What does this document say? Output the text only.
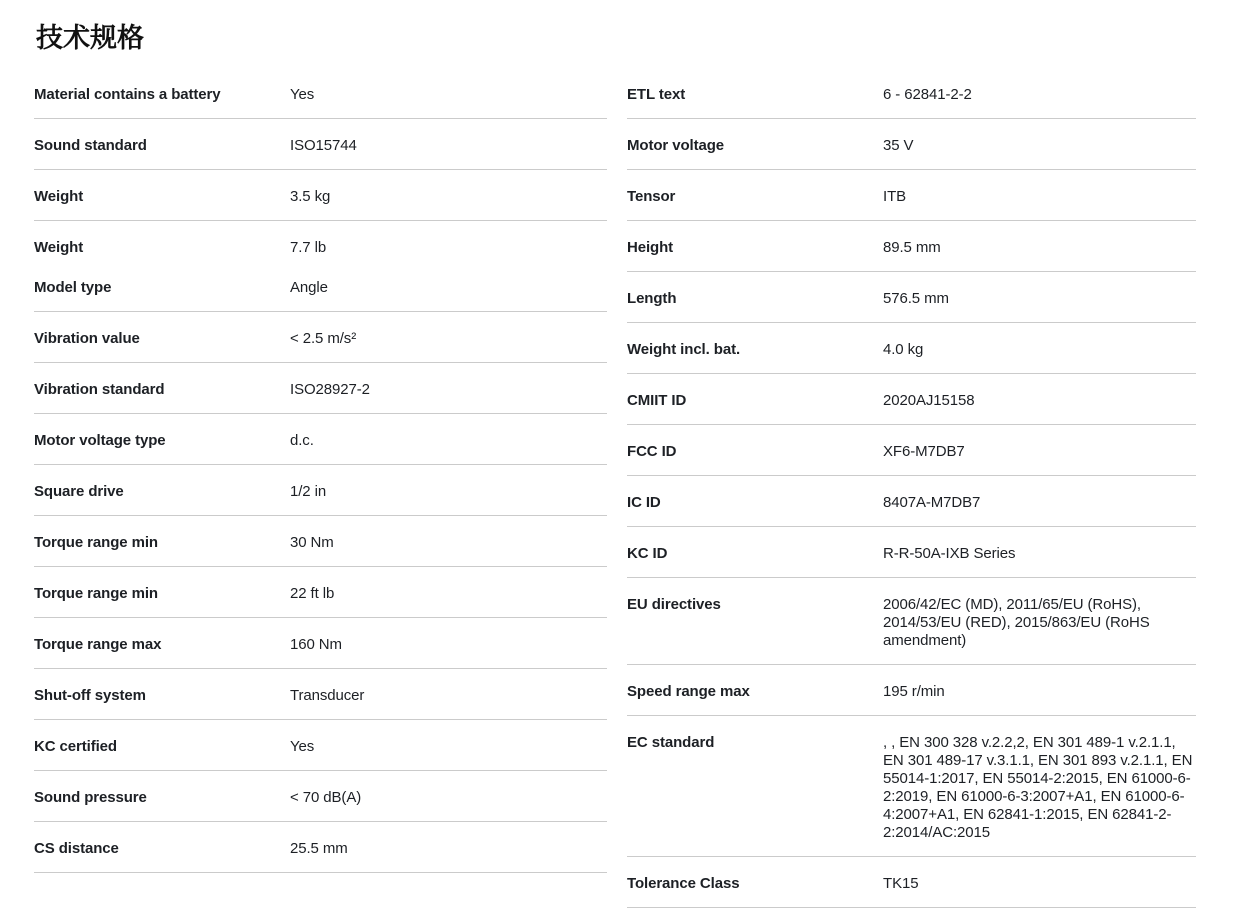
技术规格
Material contains a battery	Yes
Sound standard	ISO15744
Weight	3.5 kg
Weight	7.7 lb
Model type	Angle
Vibration value	< 2.5 m/s²
Vibration standard	ISO28927-2
Motor voltage type	d.c.
Square drive	1/2 in
Torque range min	30 Nm
Torque range min	22 ft lb
Torque range max	160 Nm
Shut-off system	Transducer
KC certified	Yes
Sound pressure	< 70 dB(A)
CS distance	25.5 mm
ETL text	6 - 62841-2-2
Motor voltage	35 V
Tensor	ITB
Height	89.5 mm
Length	576.5 mm
Weight incl. bat.	4.0 kg
CMIIT ID	2020AJ15158
FCC ID	XF6-M7DB7
IC ID	8407A-M7DB7
KC ID	R-R-50A-IXB Series
EU directives	2006/42/EC (MD), 2011/65/EU (RoHS), 2014/53/EU (RED), 2015/863/EU (RoHS amendment)
Speed range max	195 r/min
EC standard	, , EN 300 328 v.2.2,2, EN 301 489-1 v.2.1.1, EN 301 489-17 v.3.1.1, EN 301 893 v.2.1.1, EN 55014-1:2017, EN 55014-2:2015, EN 61000-6-2:2019, EN 61000-6-3:2007+A1, EN 61000-6-4:2007+A1, EN 62841-1:2015, EN 62841-2-2:2014/AC:2015
Tolerance Class	TK15
